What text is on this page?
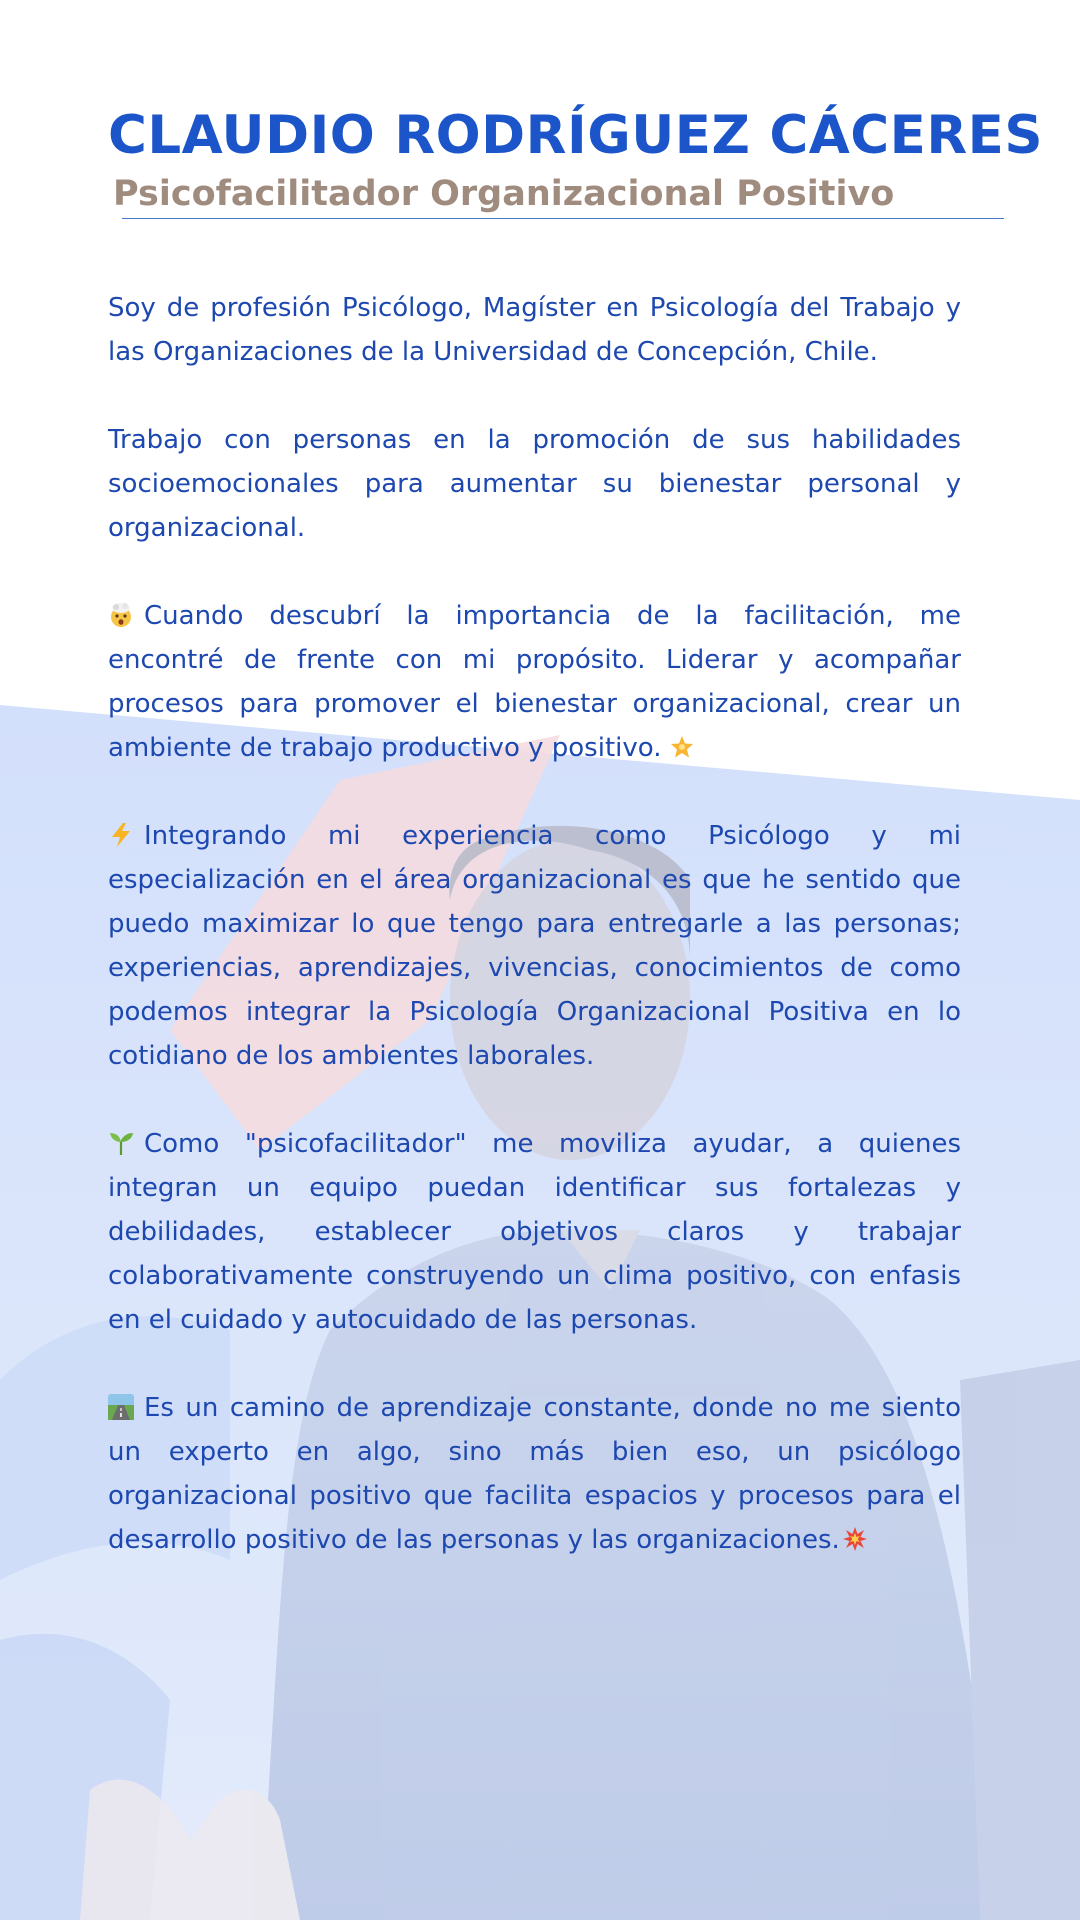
CLAUDIO RODRÍGUEZ CÁCERES
Psicofacilitador Organizacional Positivo

Soy de profesión Psicólogo, Magíster en Psicología del Trabajo y las Organizaciones de la Universidad de Concepción, Chile.

Trabajo con personas en la promoción de sus habilidades socioemocionales para aumentar su bienestar personal y organizacional.

Cuando descubrí la importancia de la facilitación, me encontré de frente con mi propósito. Liderar y acompañar procesos para promover el bienestar organizacional, crear un ambiente de trabajo productivo y positivo.

Integrando mi experiencia como Psicólogo y mi especialización en el área organizacional es que he sentido que puedo maximizar lo que tengo para entregarle a las personas; experiencias, aprendizajes, vivencias, conocimientos de como podemos integrar la Psicología Organizacional Positiva en lo cotidiano de los ambientes laborales.

Como "psicofacilitador" me moviliza ayudar, a quienes integran un equipo puedan identificar sus fortalezas y debilidades, establecer objetivos claros y trabajar colaborativamente construyendo un clima positivo, con enfasis en el cuidado y autocuidado de las personas.

Es un camino de aprendizaje constante, donde no me siento un experto en algo, sino más bien eso, un psicólogo organizacional positivo que facilita espacios y procesos para el desarrollo positivo de las personas y las organizaciones.
